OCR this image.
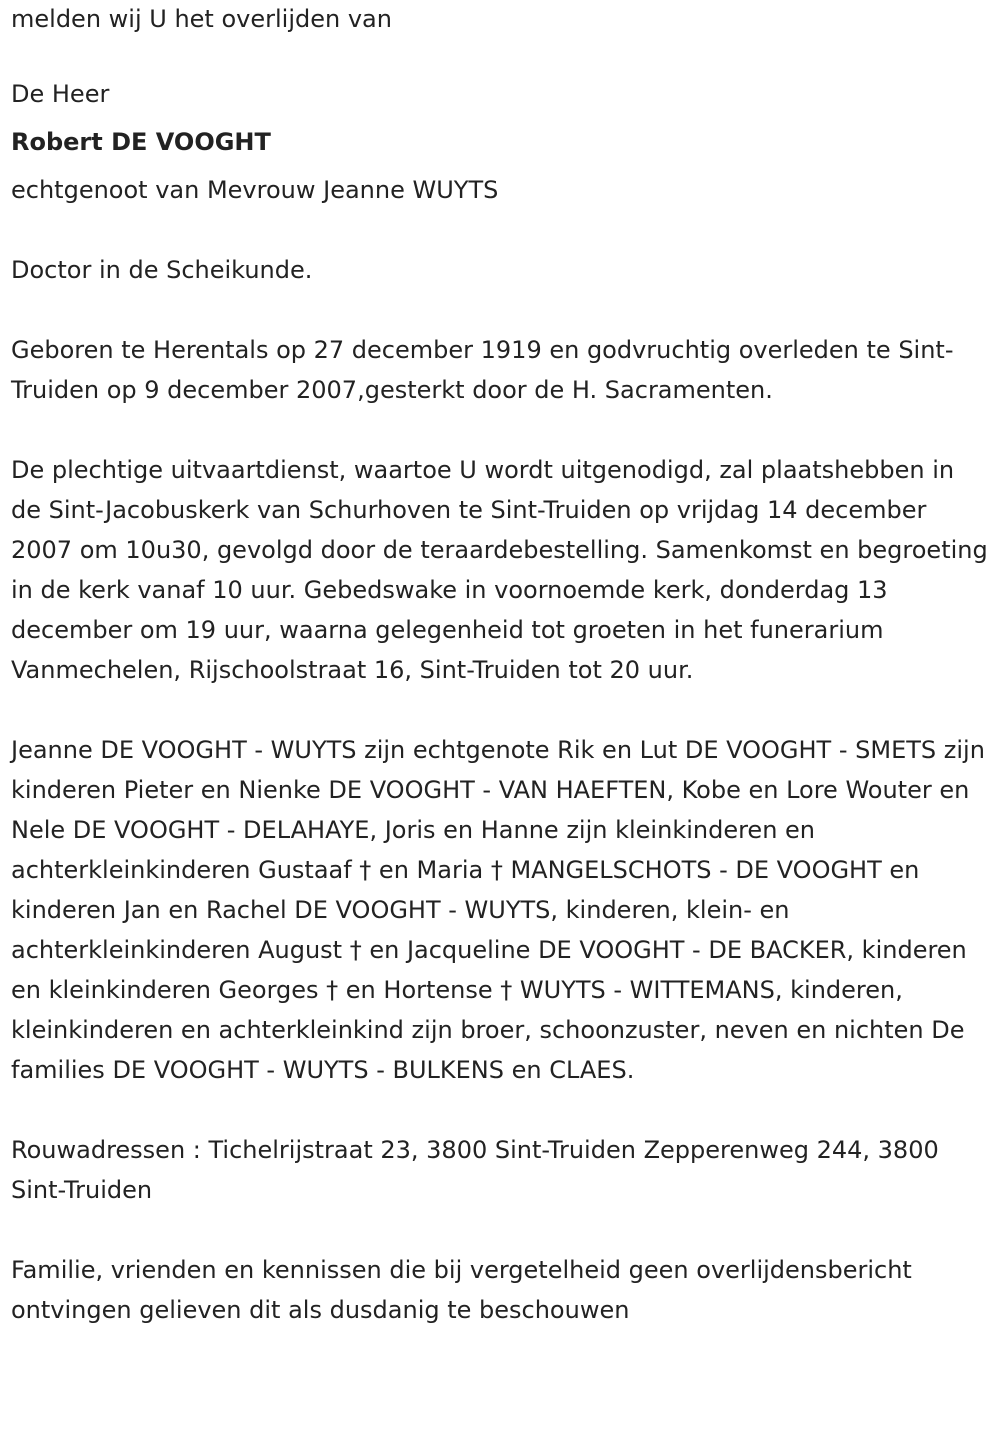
melden wij U het overlijden van

De Heer

Robert DE VOOGHT

echtgenoot van Mevrouw Jeanne WUYTS

Doctor in de Scheikunde.

Geboren te Herentals op 27 december 1919 en godvruchtig overleden te Sint-Truiden op 9 december 2007,gesterkt door de H. Sacramenten.

De plechtige uitvaartdienst, waartoe U wordt uitgenodigd, zal plaatshebben in de Sint-Jacobuskerk van Schurhoven te Sint-Truiden op vrijdag 14 december 2007 om 10u30, gevolgd door de teraardebestelling. Samenkomst en begroeting in de kerk vanaf 10 uur. Gebedswake in voornoemde kerk, donderdag 13 december om 19 uur, waarna gelegenheid tot groeten in het funerarium Vanmechelen, Rijschoolstraat 16, Sint-Truiden tot 20 uur.

Jeanne DE VOOGHT - WUYTS zijn echtgenote Rik en Lut DE VOOGHT - SMETS zijn kinderen Pieter en Nienke DE VOOGHT - VAN HAEFTEN, Kobe en Lore Wouter en Nele DE VOOGHT - DELAHAYE, Joris en Hanne zijn kleinkinderen en achterkleinkinderen Gustaaf † en Maria † MANGELSCHOTS - DE VOOGHT en kinderen Jan en Rachel DE VOOGHT - WUYTS, kinderen, klein- en achterkleinkinderen August † en Jacqueline DE VOOGHT - DE BACKER, kinderen en kleinkinderen Georges † en Hortense † WUYTS - WITTEMANS, kinderen, kleinkinderen en achterkleinkind zijn broer, schoonzuster, neven en nichten De families DE VOOGHT - WUYTS - BULKENS en CLAES.

Rouwadressen : Tichelrijstraat 23, 3800 Sint-Truiden Zepperenweg 244, 3800 Sint-Truiden

Familie, vrienden en kennissen die bij vergetelheid geen overlijdensbericht ontvingen gelieven dit als dusdanig te beschouwen
